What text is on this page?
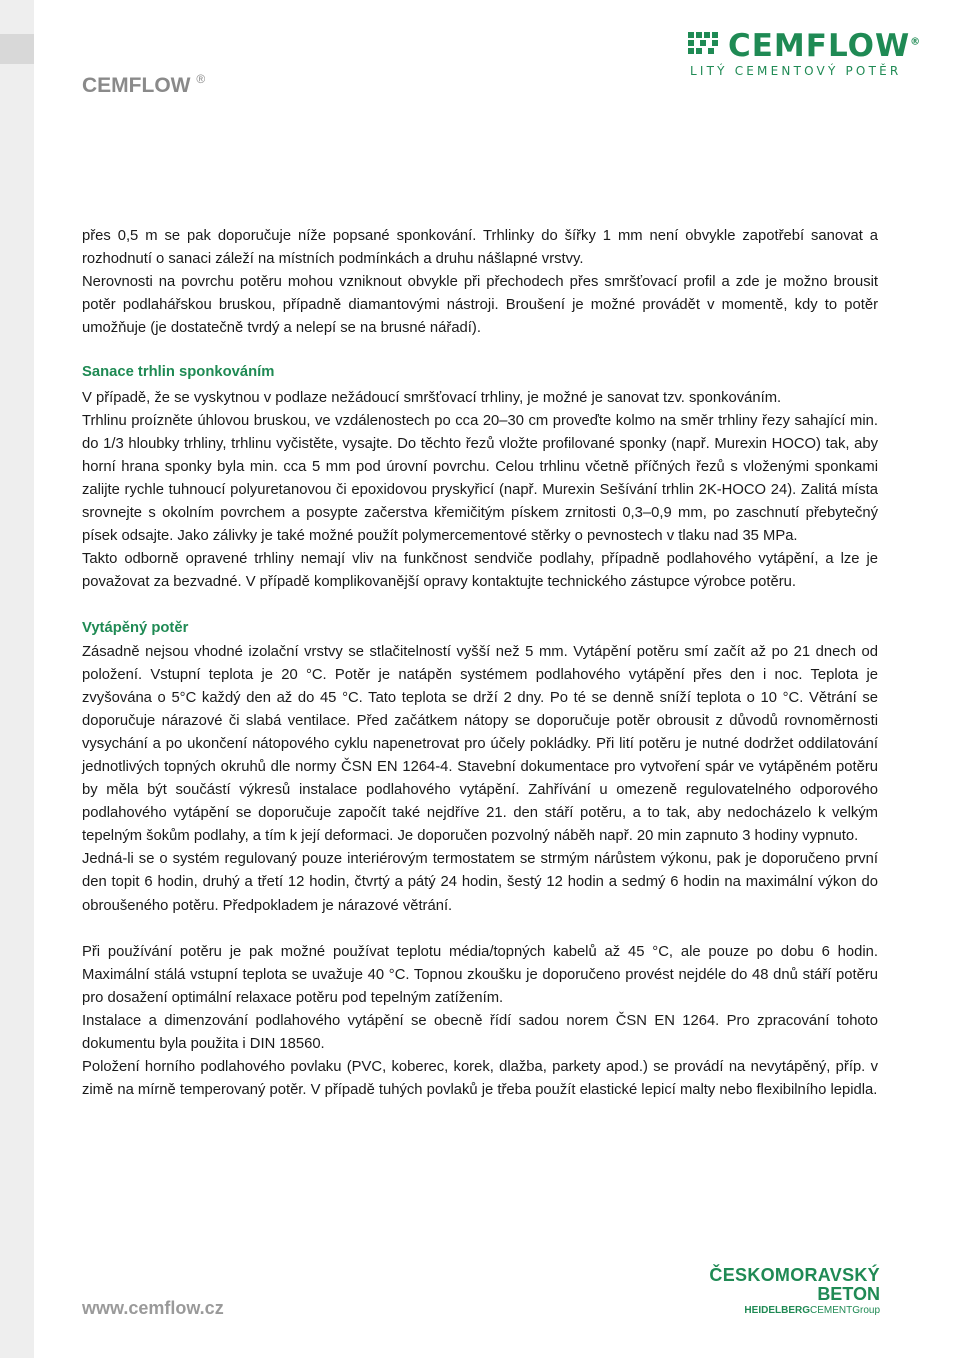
CEMFLOW ®
CEMFLOW®
LITÝ CEMENTOVÝ POTĚR

přes 0,5 m se pak doporučuje níže popsané sponkování. Trhlinky do šířky 1 mm není obvykle zapotřebí sanovat a rozhodnutí o sanaci záleží na místních podmínkách a druhu nášlapné vrstvy.

Nerovnosti na povrchu potěru mohou vzniknout obvykle při přechodech přes smršťovací profil a zde je možno brousit potěr podlahářskou bruskou, případně diamantovými nástroji. Broušení je možné provádět v momentě, kdy to potěr umožňuje (je dostatečně tvrdý a nelepí se na brusné nářadí).

Sanace trhlin sponkováním

V případě, že se vyskytnou v podlaze nežádoucí smršťovací trhliny, je možné je sanovat tzv. sponkováním.

Trhlinu proízněte úhlovou bruskou, ve vzdálenostech po cca 20–30 cm proveďte kolmo na směr trhliny řezy sahající min. do 1/3 hloubky trhliny, trhlinu vyčistěte, vysajte. Do těchto řezů vložte profilované sponky (např. Murexin HOCO) tak, aby horní hrana sponky byla min. cca 5 mm pod úrovní povrchu. Celou trhlinu včetně příčných řezů s vloženými sponkami zalijte rychle tuhnoucí polyuretanovou či epoxidovou pryskyřicí (např. Murexin Sešívání trhlin 2K-HOCO 24). Zalitá místa srovnejte s okolním povrchem a posypte začerstva křemičitým pískem zrnitosti 0,3–0,9 mm, po zaschnutí přebytečný písek odsajte. Jako zálivky je také možné použít polymercementové stěrky o pevnostech v tlaku nad 35 MPa.

Takto odborně opravené trhliny nemají vliv na funkčnost sendviče podlahy, případně podlahového vytápění, a lze je považovat za bezvadné. V případě komplikovanější opravy kontaktujte technického zástupce výrobce potěru.

Vytápěný potěr

Zásadně nejsou vhodné izolační vrstvy se stlačitelností vyšší než 5 mm. Vytápění potěru smí začít až po 21 dnech od položení. Vstupní teplota je 20 °C. Potěr je natápěn systémem podlahového vytápění přes den i noc. Teplota je zvyšována o 5°C každý den až do 45 °C. Tato teplota se drží 2 dny. Po té se denně sníží teplota o 10 °C. Větrání se doporučuje nárazové či slabá ventilace. Před začátkem nátopy se doporučuje potěr obrousit z důvodů rovnoměrnosti vysychání a po ukončení nátopového cyklu napenetrovat pro účely pokládky. Při lití potěru je nutné dodržet oddilatování jednotlivých topných okruhů dle normy ČSN EN 1264-4. Stavební dokumentace pro vytvoření spár ve vytápěném potěru by měla být součástí výkresů instalace podlahového vytápění. Zahřívání u omezeně regulovatelného odporového podlahového vytápění se doporučuje započít také nejdříve 21. den stáří potěru, a to tak, aby nedocházelo k velkým tepelným šokům podlahy, a tím k její deformaci. Je doporučen pozvolný náběh např. 20 min zapnuto 3 hodiny vypnuto.

Jedná-li se o systém regulovaný pouze interiérovým termostatem se strmým nárůstem výkonu, pak je doporučeno první den topit 6 hodin, druhý a třetí 12 hodin, čtvrtý a pátý 24 hodin, šestý 12 hodin a sedmý 6 hodin na maximální výkon do obroušeného potěru. Předpokladem je nárazové větrání.

Při používání potěru je pak možné používat teplotu média/topných kabelů až 45 °C, ale pouze po dobu 6 hodin. Maximální stálá vstupní teplota se uvažuje 40 °C. Topnou zkoušku je doporučeno provést nejdéle do 48 dnů stáří potěru pro dosažení optimální relaxace potěru pod tepelným zatížením.

Instalace a dimenzování podlahového vytápění se obecně řídí sadou norem ČSN EN 1264. Pro zpracování tohoto dokumentu byla použita i DIN 18560.

Položení horního podlahového povlaku (PVC, koberec, korek, dlažba, parkety apod.) se provádí na nevytápěný, příp. v zimě na mírně temperovaný potěr. V případě tuhých povlaků je třeba použít elastické lepicí malty nebo flexibilního lepidla.

www.cemflow.cz
ČESKOMORAVSKÝ
BETON
HEIDELBERGCEMENTGroup
